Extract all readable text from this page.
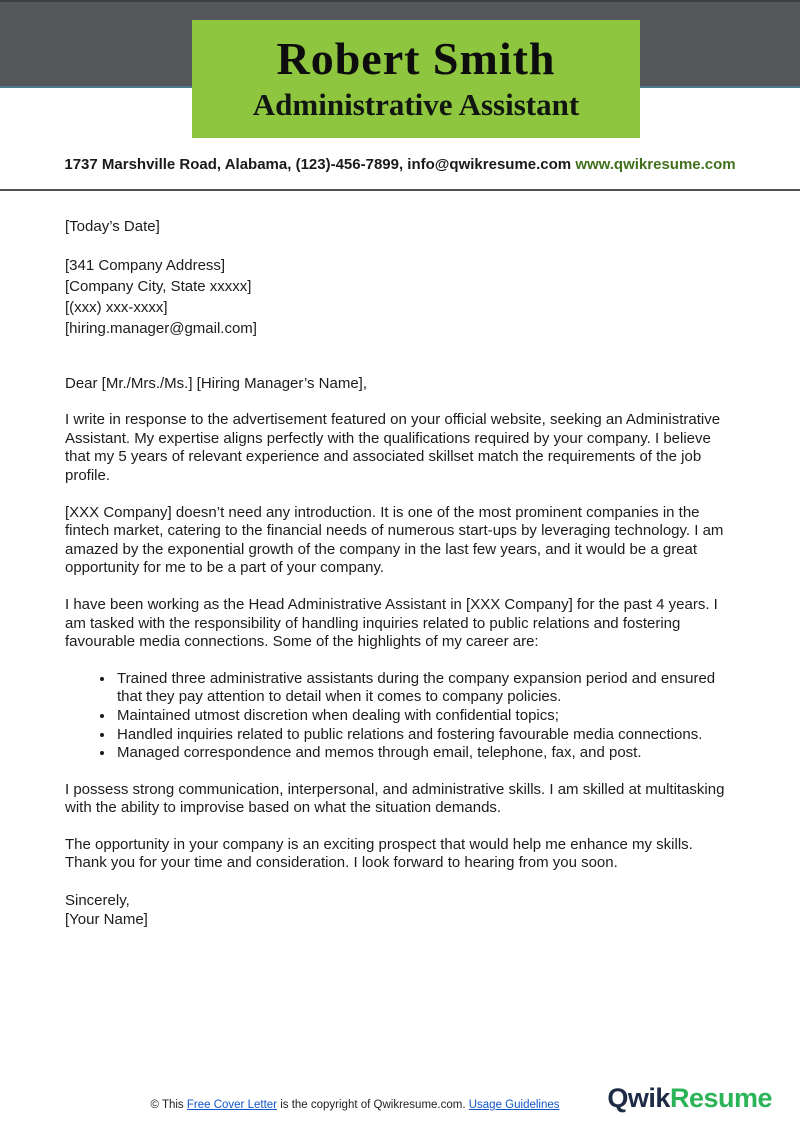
Robert Smith
Administrative Assistant
1737 Marshville Road, Alabama, (123)-456-7899, info@qwikresume.com www.qwikresume.com

[Today’s Date]

[341 Company Address]
[Company City, State xxxxx]
[(xxx) xxx-xxxx]
[hiring.manager@gmail.com]

Dear [Mr./Mrs./Ms.] [Hiring Manager’s Name],

I write in response to the advertisement featured on your official website, seeking an Administrative Assistant. My expertise aligns perfectly with the qualifications required by your company. I believe that my 5 years of relevant experience and associated skillset match the requirements of the job profile.

[XXX Company] doesn’t need any introduction. It is one of the most prominent companies in the fintech market, catering to the financial needs of numerous start-ups by leveraging technology. I am amazed by the exponential growth of the company in the last few years, and it would be a great opportunity for me to be a part of your company.

I have been working as the Head Administrative Assistant in [XXX Company] for the past 4 years. I am tasked with the responsibility of handling inquiries related to public relations and fostering favourable media connections. Some of the highlights of my career are:

• Trained three administrative assistants during the company expansion period and ensured that they pay attention to detail when it comes to company policies.
• Maintained utmost discretion when dealing with confidential topics;
• Handled inquiries related to public relations and fostering favourable media connections.
• Managed correspondence and memos through email, telephone, fax, and post.

I possess strong communication, interpersonal, and administrative skills. I am skilled at multitasking with the ability to improvise based on what the situation demands.

The opportunity in your company is an exciting prospect that would help me enhance my skills. Thank you for your time and consideration. I look forward to hearing from you soon.

Sincerely,
[Your Name]
© This Free Cover Letter is the copyright of Qwikresume.com. Usage Guidelines	QwikResume
